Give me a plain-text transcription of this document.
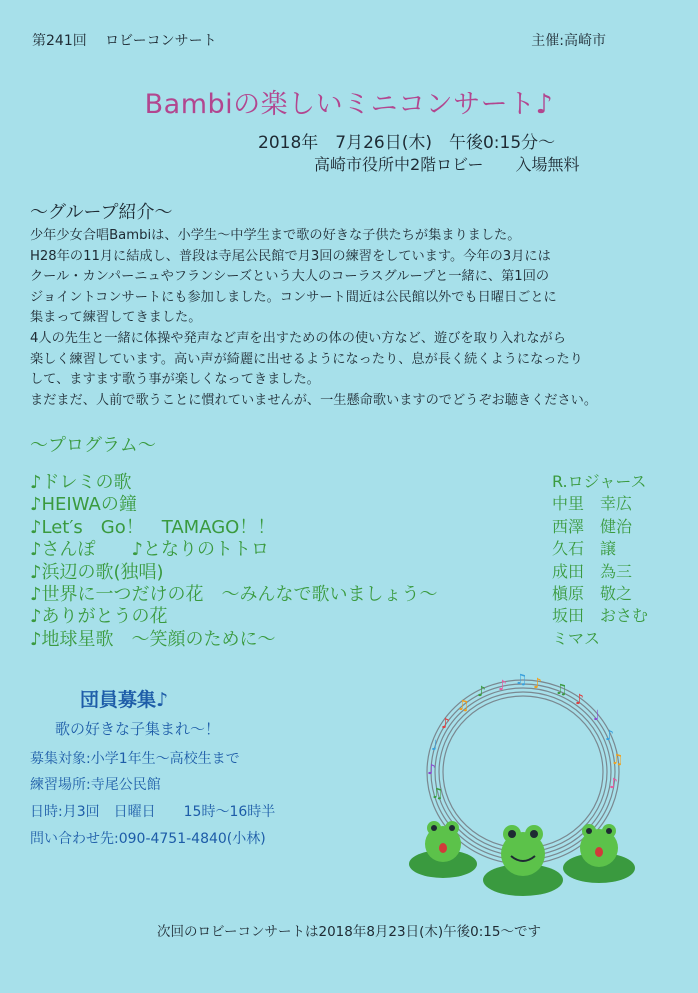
第241回　 ロビーコンサート	主催:高崎市
Bambiの楽しいミニコンサート♪
2018年　7月26日(木)　午後0:15分～
高崎市役所中2階ロビー　　入場無料
～グループ紹介～

少年少女合唱Bambiは、小学生～中学生まで歌の好きな子供たちが集まりました。

H28年の11月に結成し、普段は寺尾公民館で月3回の練習をしています。今年の3月には

クール・カンパーニュやフランシーズという大人のコーラスグループと一緒に、第1回の

ジョイントコンサートにも参加しました。コンサート間近は公民館以外でも日曜日ごとに

集まって練習してきました。

4人の先生と一緒に体操や発声など声を出すための体の使い方など、遊びを取り入れながら

楽しく練習しています。高い声が綺麗に出せるようになったり、息が長く続くようになったり

して、ますます歌う事が楽しくなってきました。

まだまだ、人前で歌うことに慣れていませんが、一生懸命歌いますのでどうぞお聴きください。

～プログラム～
♪ドレミの歌	R.ロジャース
♪HEIWAの鐘	中里　幸広
♪Let′s　Go！　TAMAGO！！	西澤　健治
♪さんぽ　　♪となりのトトロ	久石　譲
♪浜辺の歌(独唱)	成田　為三
♪世界に一つだけの花　～みんなで歌いましょう～	槇原　敬之
♪ありがとうの花	坂田　おさむ
♪地球星歌　～笑顔のために～	ミマス
団員募集♪
歌の好きな子集まれ～！
募集対象:小学1年生～高校生まで
練習場所:寺尾公民館
日時:月3回　日曜日　　15時～16時半
問い合わせ先:090-4751-4840(小林)
♪ ♫ ♪ ♫
♪
♩
♪
♫
♪
♪
♫
♪
♩
♪
♫
次回のロビーコンサートは2018年8月23日(木)午後0:15～です
